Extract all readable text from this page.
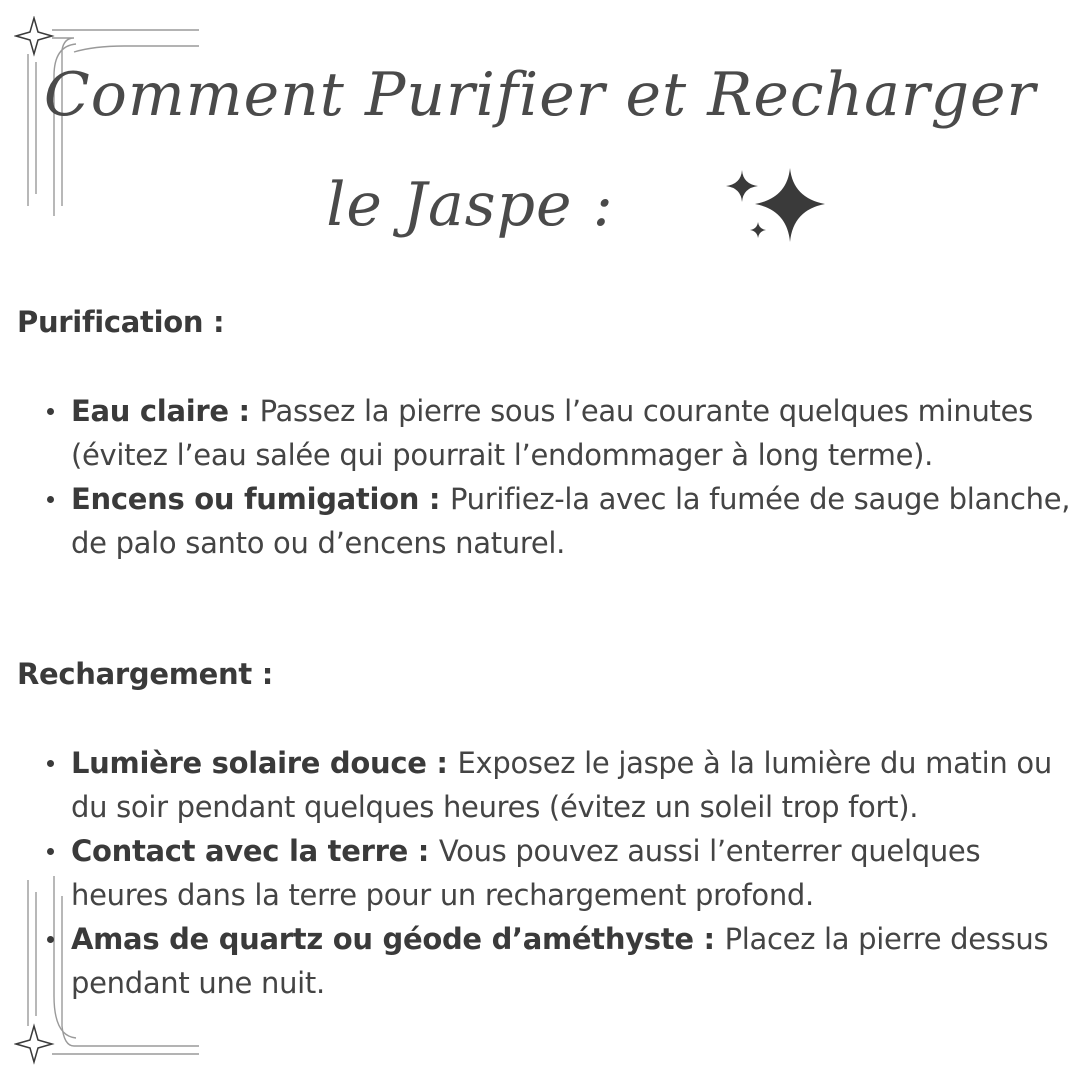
Comment Purifier et Recharger
le Jaspe :
Purification :
Eau claire : Passez la pierre sous l’eau courante quelques minutes (évitez l’eau salée qui pourrait l’endommager à long terme).
Encens ou fumigation : Purifiez-la avec la fumée de sauge blanche, de palo santo ou d’encens naturel.
Rechargement :
Lumière solaire douce : Exposez le jaspe à la lumière du matin ou du soir pendant quelques heures (évitez un soleil trop fort).
Contact avec la terre : Vous pouvez aussi l’enterrer quelques heures dans la terre pour un rechargement profond.
Amas de quartz ou géode d’améthyste : Placez la pierre dessus pendant une nuit.
